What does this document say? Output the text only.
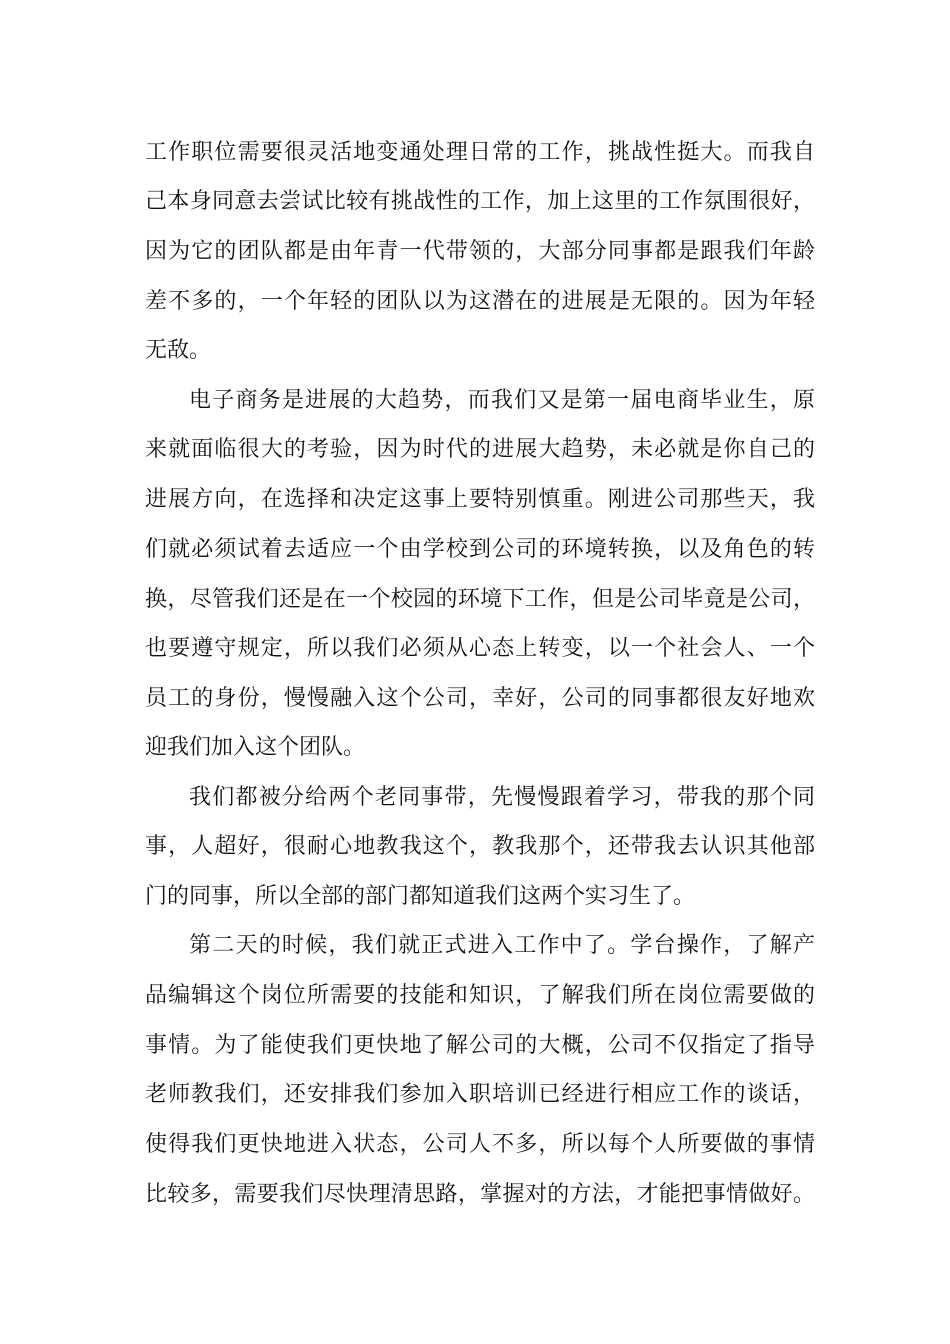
工作职位需要很灵活地变通处理日常的工作，挑战性挺大。而我自
己本身同意去尝试比较有挑战性的工作，加上这里的工作氛围很好，
因为它的团队都是由年青一代带领的，大部分同事都是跟我们年龄
差不多的，一个年轻的团队以为这潜在的进展是无限的。因为年轻
无敌。
电子商务是进展的大趋势，而我们又是第一届电商毕业生，原
来就面临很大的考验，因为时代的进展大趋势，未必就是你自己的
进展方向，在选择和决定这事上要特别慎重。刚进公司那些天，我
们就必须试着去适应一个由学校到公司的环境转换，以及角色的转
换，尽管我们还是在一个校园的环境下工作，但是公司毕竟是公司，
也要遵守规定，所以我们必须从心态上转变，以一个社会人、一个
员工的身份，慢慢融入这个公司，幸好，公司的同事都很友好地欢
迎我们加入这个团队。
我们都被分给两个老同事带，先慢慢跟着学习，带我的那个同
事，人超好，很耐心地教我这个，教我那个，还带我去认识其他部
门的同事，所以全部的部门都知道我们这两个实习生了。
第二天的时候，我们就正式进入工作中了。学台操作，了解产
品编辑这个岗位所需要的技能和知识，了解我们所在岗位需要做的
事情。为了能使我们更快地了解公司的大概，公司不仅指定了指导
老师教我们，还安排我们参加入职培训已经进行相应工作的谈话，
使得我们更快地进入状态，公司人不多，所以每个人所要做的事情
比较多，需要我们尽快理清思路，掌握对的方法，才能把事情做好。
